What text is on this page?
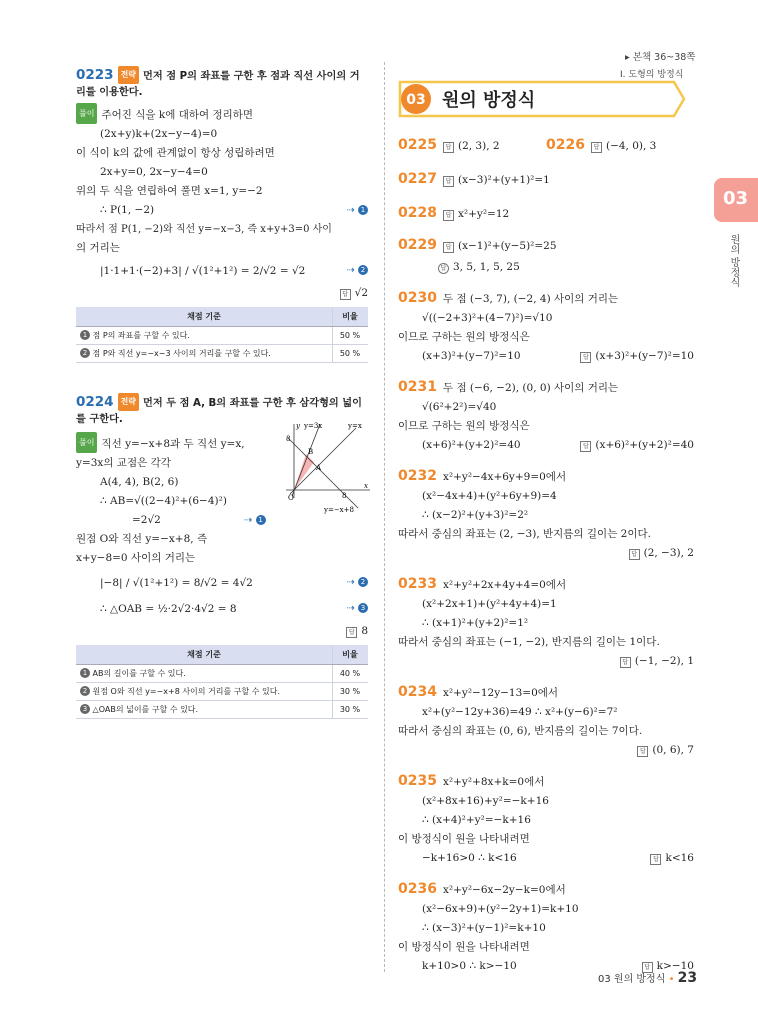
▸ 본책 36~38쪽
I. 도형의 방정식
03 원의 방정식
03
원의 방정식
0223 전략 먼저 점 P의 좌표를 구한 후 점과 직선 사이의 거리를 이용한다.
풀이 주어진 식을 k에 대하여 정리하면
(2x+y)k+(2x−y−4)=0
이 식이 k의 값에 관계없이 항상 성립하려면
2x+y=0, 2x−y−4=0
위의 두 식을 연립하여 풀면 x=1, y=−2
∴ P(1, −2)	⇢ 1
따라서 점 P(1, −2)와 직선 y=−x−3, 즉 x+y+3=0 사이
의 거리는
|1·1+1·(−2)+3| / √(1²+1²) = 2/√2 = √2	⇢ 2
답 √2
채점 기준	비율
1 점 P의 좌표를 구할 수 있다.	50 %
2 점 P와 직선 y=−x−3 사이의 거리를 구할 수 있다.	50 %
0224 전략 먼저 두 점 A, B의 좌표를 구한 후 삼각형의 넓이를 구한다.
풀이 직선 y=−x+8과 두 직선 y=x,
y=3x의 교점은 각각
A(4, 4), B(2, 6)
∴ AB=√((2−4)²+(6−4)²)
=2√2	⇢ 1
원점 O와 직선 y=−x+8, 즉
x+y−8=0 사이의 거리는
y y=3x	y=x
8
B
A
O	8
x
y=−x+8
|−8| / √(1²+1²) = 8/√2 = 4√2	⇢ 2
∴ △OAB = ½·2√2·4√2 = 8	⇢ 3
답 8
채점 기준	비율
1 AB의 길이를 구할 수 있다.	40 %
2 원점 O와 직선 y=−x+8 사이의 거리를 구할 수 있다.	30 %
3 △OAB의 넓이를 구할 수 있다.	30 %
0225 답 (2, 3), 2	0226 답 (−4, 0), 3
0227 답 (x−3)²+(y+1)²=1
0228 답 x²+y²=12
0229 답 (x−1)²+(y−5)²=25
답 3, 5, 1, 5, 25
0230 두 점 (−3, 7), (−2, 4) 사이의 거리는
√((−2+3)²+(4−7)²)=√10
이므로 구하는 원의 방정식은
(x+3)²+(y−7)²=10	답 (x+3)²+(y−7)²=10
0231 두 점 (−6, −2), (0, 0) 사이의 거리는
√(6²+2²)=√40
이므로 구하는 원의 방정식은
(x+6)²+(y+2)²=40	답 (x+6)²+(y+2)²=40
0232 x²+y²−4x+6y+9=0에서
(x²−4x+4)+(y²+6y+9)=4
∴ (x−2)²+(y+3)²=2²
따라서 중심의 좌표는 (2, −3), 반지름의 길이는 2이다.
답 (2, −3), 2
0233 x²+y²+2x+4y+4=0에서
(x²+2x+1)+(y²+4y+4)=1
∴ (x+1)²+(y+2)²=1²
따라서 중심의 좌표는 (−1, −2), 반지름의 길이는 1이다.
답 (−1, −2), 1
0234 x²+y²−12y−13=0에서
x²+(y²−12y+36)=49 ∴ x²+(y−6)²=7²
따라서 중심의 좌표는 (0, 6), 반지름의 길이는 7이다.
답 (0, 6), 7
0235 x²+y²+8x+k=0에서
(x²+8x+16)+y²=−k+16
∴ (x+4)²+y²=−k+16
이 방정식이 원을 나타내려면
−k+16>0 ∴ k<16	답 k<16
0236 x²+y²−6x−2y−k=0에서
(x²−6x+9)+(y²−2y+1)=k+10
∴ (x−3)²+(y−1)²=k+10
이 방정식이 원을 나타내려면
k+10>0 ∴ k>−10	답 k>−10
03 원의 방정식 • 23
